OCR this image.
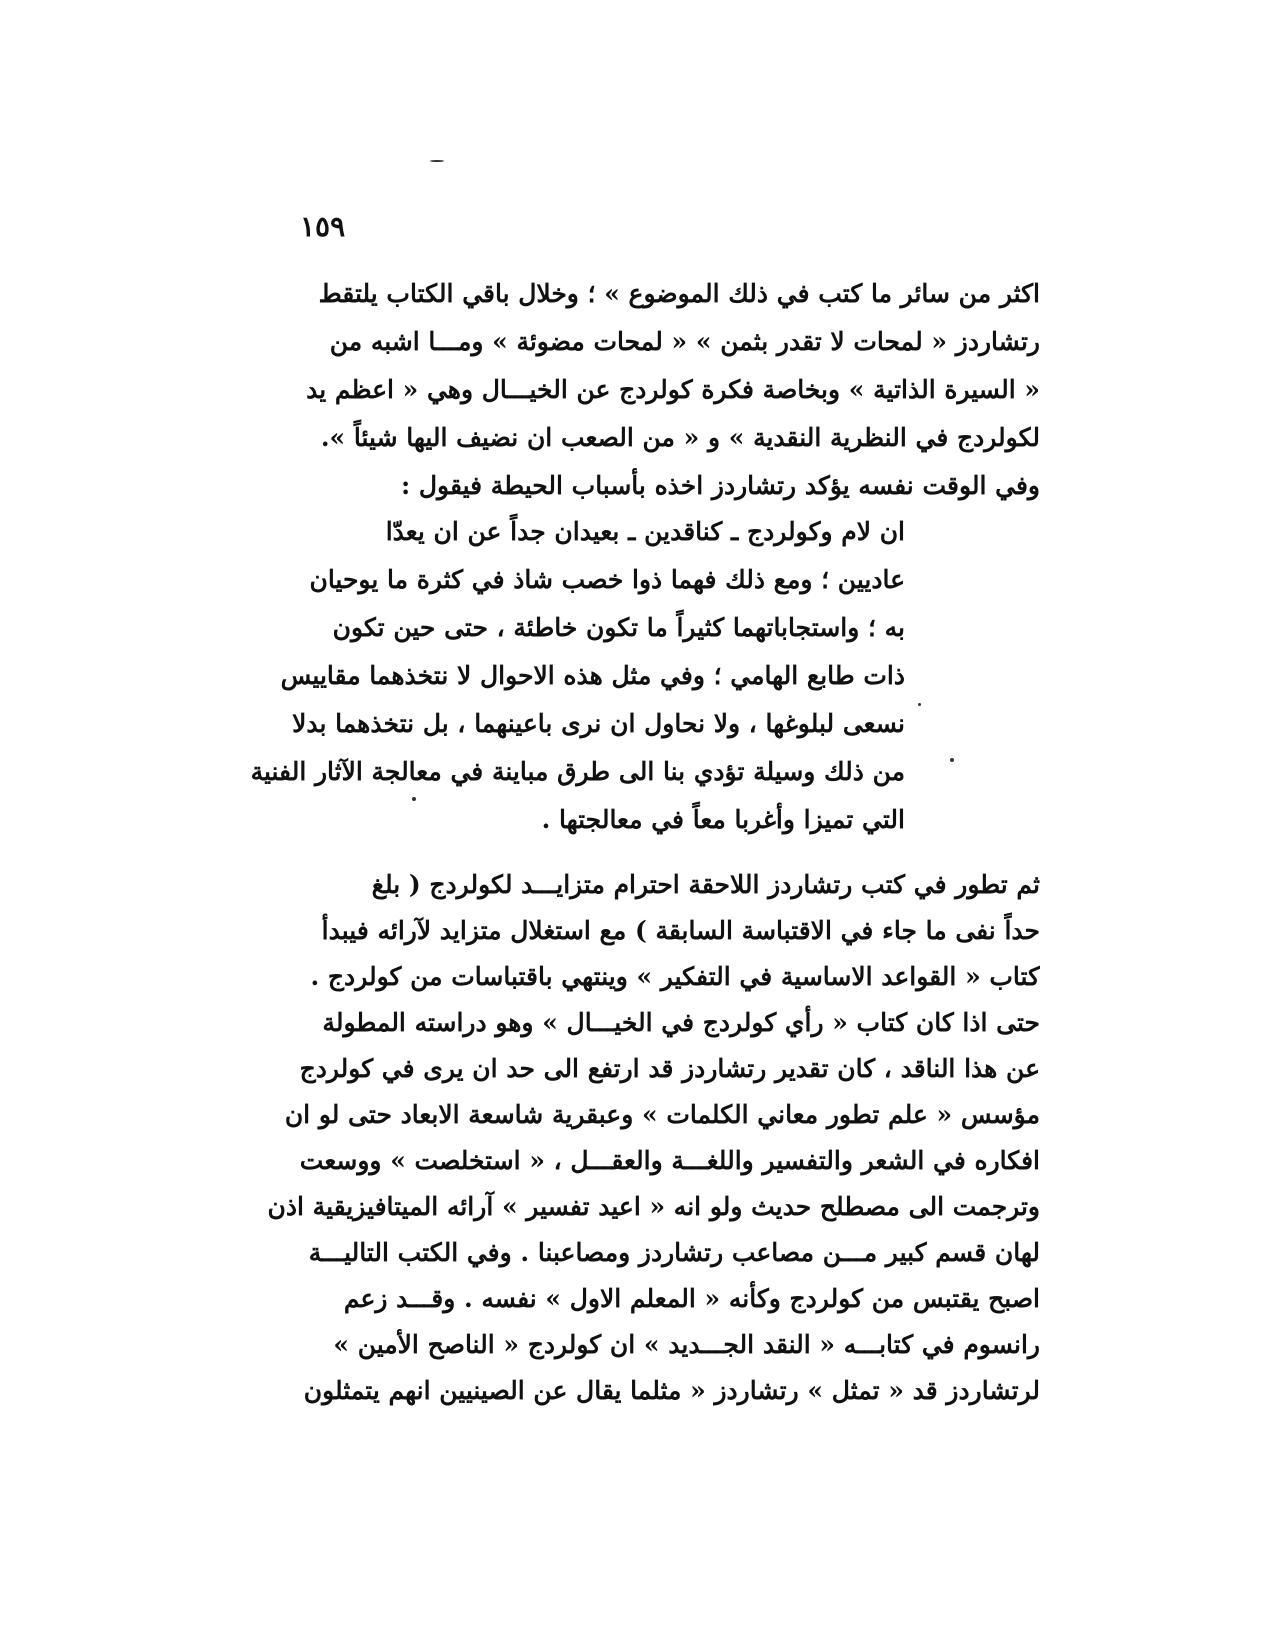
١٥٩
اكثر من سائر ما كتب في ذلك الموضوع » ؛ وخلال باقي الكتاب يلتقط
رتشاردز « لمحات لا تقدر بثمن » « لمحات مضوئة » ومـــا اشبه من
« السيرة الذاتية » وبخاصة فكرة كولردج عن الخيـــال وهي « اعظم يد
لكولردج في النظرية النقدية » و « من الصعب ان نضيف اليها شيئاً ».
وفي الوقت نفسه يؤكد رتشاردز اخذه بأسباب الحيطة فيقول :
ان لام وكولردج ـ كناقدين ـ بعيدان جداً عن ان يعدّا
عاديين ؛ ومع ذلك فهما ذوا خصب شاذ في كثرة ما يوحيان
به ؛ واستجاباتهما كثيراً ما تكون خاطئة ، حتى حين تكون
ذات طابع الهامي ؛ وفي مثل هذه الاحوال لا نتخذهما مقاييس
نسعى لبلوغها ، ولا نحاول ان نرى باعينهما ، بل نتخذهما بدلا
من ذلك وسيلة تؤدي بنا الى طرق مباينة في معالجة الآثار الفنية
التي تميزا وأغربا معاً في معالجتها .
ثم تطور في كتب رتشاردز اللاحقة احترام متزايـــد لكولردج ( بلغ
حداً نفى ما جاء في الاقتباسة السابقة ) مع استغلال متزايد لآرائه فيبدأ
كتاب « القواعد الاساسية في التفكير » وينتهي باقتباسات من كولردج .
حتى اذا كان كتاب « رأي كولردج في الخيـــال » وهو دراسته المطولة
عن هذا الناقد ، كان تقدير رتشاردز قد ارتفع الى حد ان يرى في كولردج
مؤسس « علم تطور معاني الكلمات » وعبقرية شاسعة الابعاد حتى لو ان
افكاره في الشعر والتفسير واللغـــة والعقـــل ، « استخلصت » ووسعت
وترجمت الى مصطلح حديث ولو انه « اعيد تفسير » آرائه الميتافيزيقية اذن
لهان قسم كبير مـــن مصاعب رتشاردز ومصاعبنا . وفي الكتب التاليـــة
اصبح يقتبس من كولردج وكأنه « المعلم الاول » نفسه . وقـــد زعم
رانسوم في كتابـــه « النقد الجـــديد » ان كولردج « الناصح الأمين »
لرتشاردز قد « تمثل » رتشاردز « مثلما يقال عن الصينيين انهم يتمثلون
